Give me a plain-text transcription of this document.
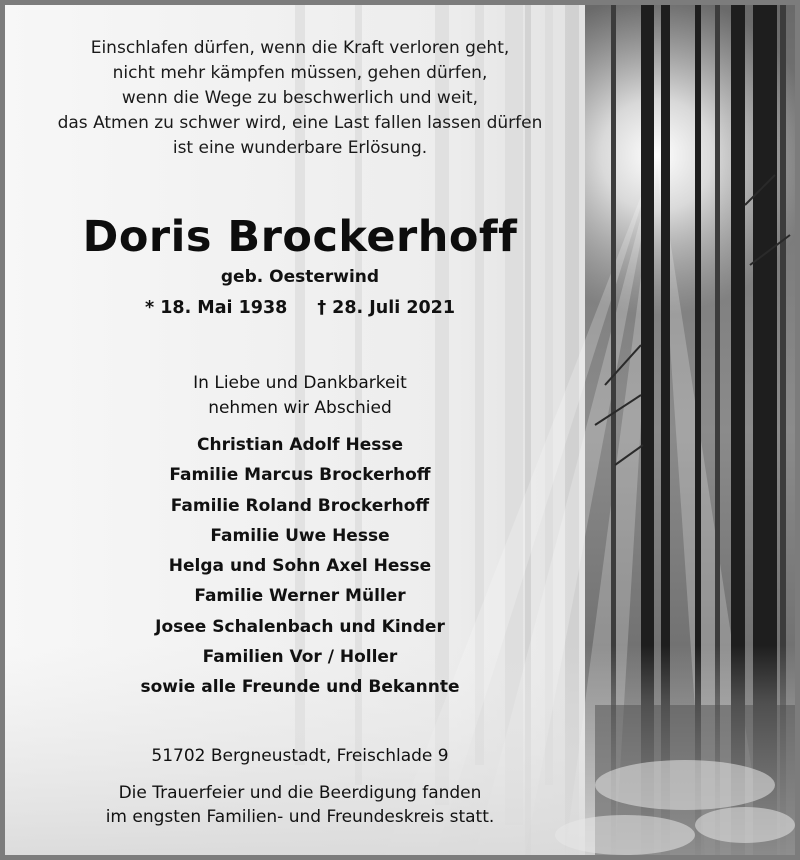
Einschlafen dürfen, wenn die Kraft verloren geht,
nicht mehr kämpfen müssen, gehen dürfen,
wenn die Wege zu beschwerlich und weit,
das Atmen zu schwer wird, eine Last fallen lassen dürfen
ist eine wunderbare Erlösung.
Doris Brockerhoff
geb. Oesterwind
* 18. Mai 1938 † 28. Juli 2021
In Liebe und Dankbarkeit
nehmen wir Abschied
Christian Adolf Hesse
Familie Marcus Brockerhoff
Familie Roland Brockerhoff
Familie Uwe Hesse
Helga und Sohn Axel Hesse
Familie Werner Müller
Josee Schalenbach und Kinder
Familien Vor / Holler
sowie alle Freunde und Bekannte
51702 Bergneustadt, Freischlade 9
Die Trauerfeier und die Beerdigung fanden
im engsten Familien- und Freundeskreis statt.
